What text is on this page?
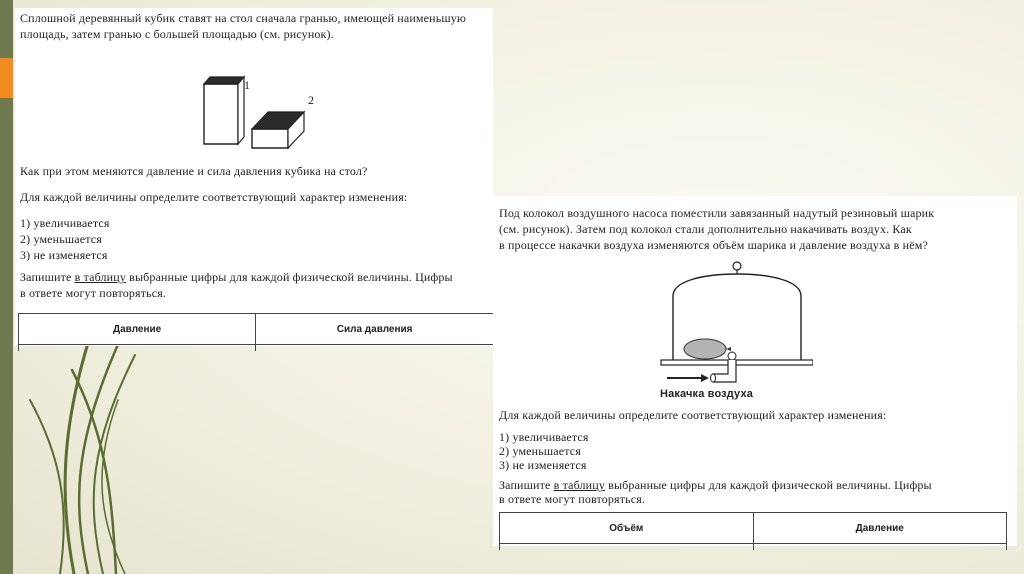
Сплошной деревянный кубик ставят на стол сначала гранью, имеющей наименьшую
площадь, затем гранью с большей площадью (см. рисунок).
1
2
Как при этом меняются давление и сила давления кубика на стол?
Для каждой величины определите соответствующий характер изменения:
1) увеличивается
2) уменьшается
3) не изменяется
Запишите в таблицу выбранные цифры для каждой физической величины. Цифры
в ответе могут повторяться.
Давление	Сила давления

Под колокол воздушного насоса поместили завязанный надутый резиновый шарик
(см. рисунок). Затем под колокол стали дополнительно накачивать воздух. Как
в процессе накачки воздуха изменяются объём шарика и давление воздуха в нём?
Накачка воздуха
Для каждой величины определите соответствующий характер изменения:
1) увеличивается
2) уменьшается
3) не изменяется
Запишите в таблицу выбранные цифры для каждой физической величины. Цифры
в ответе могут повторяться.
Объём	Давление
